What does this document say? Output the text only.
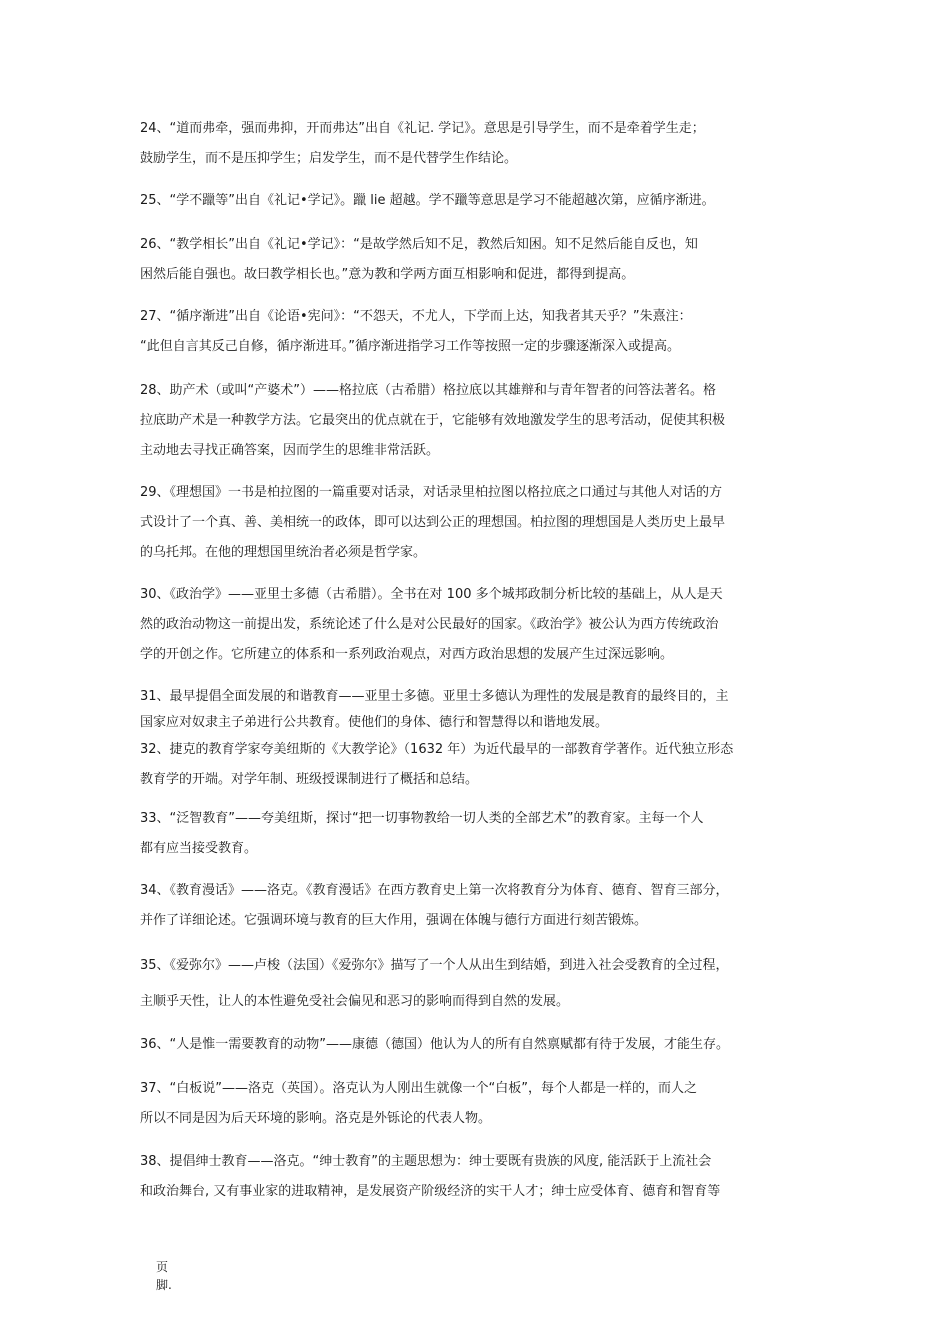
24、“道而弗牵，强而弗抑，开而弗达”出自《礼记. 学记》。意思是引导学生，而不是牵着学生走；
鼓励学生，而不是压抑学生；启发学生，而不是代替学生作结论。
25、“学不躐等”出自《礼记•学记》。躐 lie 超越。学不躐等意思是学习不能超越次第，应循序渐进。
26、“教学相长”出自《礼记•学记》：“是故学然后知不足，教然后知困。知不足然后能自反也，知
困然后能自强也。故曰教学相长也。”意为教和学两方面互相影响和促进，都得到提高。
27、“循序渐进”出自《论语•宪问》：“不怨天，不尤人，下学而上达，知我者其天乎？”朱熹注：
“此但自言其反己自修，循序渐进耳。”循序渐进指学习工作等按照一定的步骤逐渐深入或提高。
28、助产术（或叫“产婆术”）——格拉底（古希腊）格拉底以其雄辩和与青年智者的问答法著名。格
拉底助产术是一种教学方法。它最突出的优点就在于，它能够有效地激发学生的思考活动，促使其积极
主动地去寻找正确答案，因而学生的思维非常活跃。
29、《理想国》一书是柏拉图的一篇重要对话录，对话录里柏拉图以格拉底之口通过与其他人对话的方
式设计了一个真、善、美相统一的政体，即可以达到公正的理想国。柏拉图的理想国是人类历史上最早
的乌托邦。在他的理想国里统治者必须是哲学家。
30、《政治学》——亚里士多德（古希腊）。全书在对 100 多个城邦政制分析比较的基础上，从人是天
然的政治动物这一前提出发，系统论述了什么是对公民最好的国家。《政治学》被公认为西方传统政治
学的开创之作。它所建立的体系和一系列政治观点，对西方政治思想的发展产生过深远影响。
31、最早提倡全面发展的和谐教育——亚里士多德。亚里士多德认为理性的发展是教育的最终目的，主
国家应对奴隶主子弟进行公共教育。使他们的身体、德行和智慧得以和谐地发展。
32、捷克的教育学家夸美纽斯的《大教学论》（1632 年）为近代最早的一部教育学著作。近代独立形态
教育学的开端。对学年制、班级授课制进行了概括和总结。
33、“泛智教育”——夸美纽斯，探讨“把一切事物教给一切人类的全部艺术”的教育家。主每一个人
都有应当接受教育。
34、《教育漫话》——洛克。《教育漫话》在西方教育史上第一次将教育分为体育、德育、智育三部分，
并作了详细论述。它强调环境与教育的巨大作用，强调在体魄与德行方面进行刻苦锻炼。
35、《爱弥尔》——卢梭（法国）《爱弥尔》描写了一个人从出生到结婚，到进入社会受教育的全过程，
主顺乎天性，让人的本性避免受社会偏见和恶习的影响而得到自然的发展。
36、“人是惟一需要教育的动物”——康德（德国）他认为人的所有自然禀赋都有待于发展，才能生存。
37、“白板说”——洛克（英国）。洛克认为人刚出生就像一个“白板”，每个人都是一样的，而人之
所以不同是因为后天环境的影响。洛克是外铄论的代表人物。
38、提倡绅士教育——洛克。“绅士教育”的主题思想为：绅士要既有贵族的风度, 能活跃于上流社会
和政治舞台, 又有事业家的进取精神，是发展资产阶级经济的实干人才；绅士应受体育、德育和智育等
页
脚.
